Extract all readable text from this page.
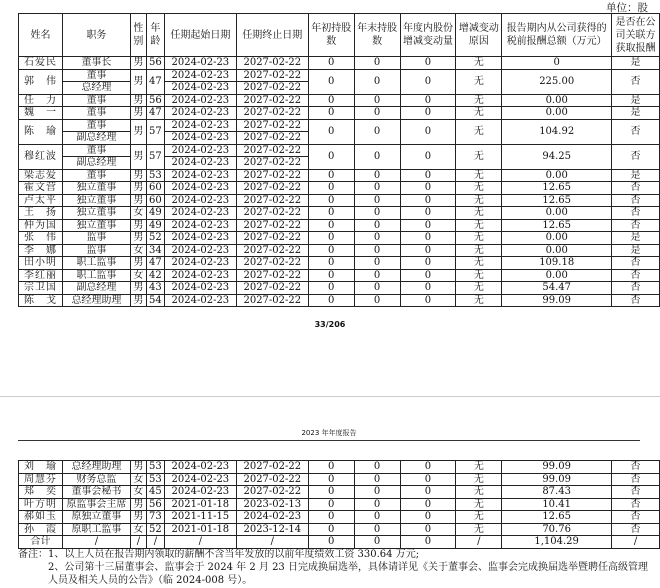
单位：股
姓名	职务	性别	年龄	任期起始日期	任期终止日期	年初持股数	年末持股数	年度内股份增减变动量	增减变动原因	报告期内从公司获得的税前报酬总额（万元）	是否在公司关联方获取报酬
石爱民	董事长	男	56	2024-02-23	2027-02-22	0	0	0	无	0	是
郭　伟	董事	男	47	2024-02-23	2027-02-22	0	0	0	无	225.00	否
	总经理			2024-02-23	2027-02-22						
任　力	董事	男	56	2024-02-23	2027-02-22	0	0	0	无	0.00	是
魏　一	董事	男	47	2024-02-23	2027-02-22	0	0	0	无	0.00	是
陈　瑜	董事	男	57	2024-02-23	2027-02-22	0	0	0	无	104.92	否
	副总经理			2024-02-23	2027-02-22						
穆红波	董事	男	57	2024-02-23	2027-02-22	0	0	0	无	94.25	否
	副总经理			2024-02-23	2027-02-22						
梁志爱	董事	男	53	2024-02-23	2027-02-22	0	0	0	无	0.00	是
霍文营	独立董事	男	60	2024-02-23	2027-02-22	0	0	0	无	12.65	否
卢太平	独立董事	男	60	2024-02-23	2027-02-22	0	0	0	无	12.65	否
王　扬	独立董事	女	49	2024-02-23	2027-02-22	0	0	0	无	0.00	否
仲为国	独立董事	男	49	2024-02-23	2027-02-22	0	0	0	无	12.65	否
张　伟	监事	男	52	2024-02-23	2027-02-22	0	0	0	无	0.00	是
李　娜	监事	女	34	2024-02-23	2027-02-22	0	0	0	无	0.00	是
田小明	职工监事	男	47	2024-02-23	2027-02-22	0	0	0	无	109.18	否
李红丽	职工监事	女	42	2024-02-23	2027-02-22	0	0	0	无	0.00	否
宗卫国	副总经理	男	43	2024-02-23	2027-02-22	0	0	0	无	54.47	否
陈　戈	总经理助理	男	54	2024-02-23	2027-02-22	0	0	0	无	99.09	否
33/206
2023 年年度报告
刘　瑜	总经理助理	男	53	2024-02-23	2027-02-22	0	0	0	无	99.09	否
周慧芬	财务总监	女	53	2024-02-23	2027-02-22	0	0	0	无	99.09	否
郑　奕	董事会秘书	女	45	2024-02-23	2027-02-22	0	0	0	无	87.43	否
叶方明	原监事会主席	男	56	2021-01-18	2023-02-13	0	0	0	无	10.41	否
郝如玉	原独立董事	男	73	2021-11-15	2024-02-23	0	0	0	无	12.65	否
孙　霞	原职工监事	女	52	2021-01-18	2023-12-14	0	0	0	无	70.76	否
合计	/	/	/	/	/	0	0	0	/	1,104.29	/

备注：1、以上人员在报告期内领取的薪酬不含当年发放的以前年度绩效工资 330.64 万元;

2、公司第十三届董事会、监事会于 2024 年 2 月 23 日完成换届选举，具体请详见《关于董事会、监事会完成换届选举暨聘任高级管理人员及相关人员的公告》（临 2024-008 号）。
